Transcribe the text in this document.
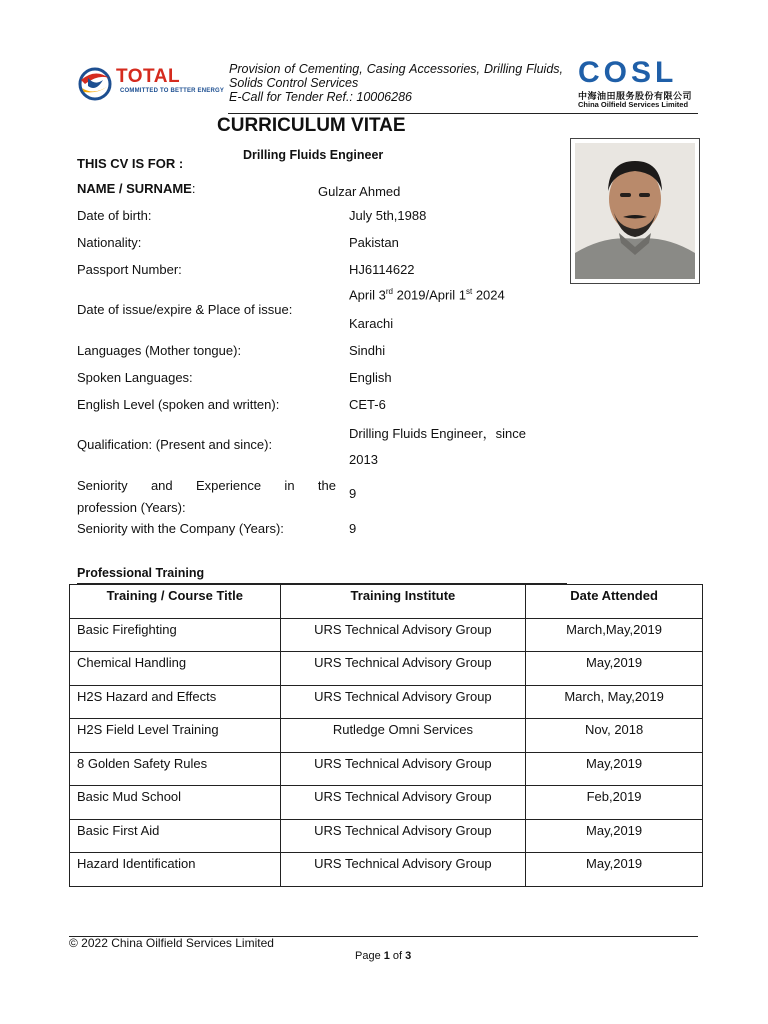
TOTAL
COMMITTED TO BETTER ENERGY
Provision of Cementing, Casing Accessories, Drilling Fluids, Solids Control Services
E-Call for Tender Ref.: 10006286
COSL
中海油田服务股份有限公司
China Oilfield Services Limited
CURRICULUM VITAE
Drilling Fluids Engineer
THIS CV IS FOR :
NAME / SURNAME:	Gulzar Ahmed
Date of birth:	July 5th,1988
Nationality:	Pakistan
Passport Number:	HJ6114622
Date of issue/expire & Place of issue:
April 3rd 2019/April 1st 2024
Karachi
Languages (Mother tongue):	Sindhi
Spoken Languages:	English
English Level (spoken and written):	CET-6
Qualification: (Present and since):
Drilling Fluids Engineer，since
2013
Seniority and Experience in the
profession (Years):
9
Seniority with the Company (Years):	9
Professional Training
Training / Course Title	Training Institute	Date Attended
Basic Firefighting	URS Technical Advisory Group	March,May,2019
Chemical Handling	URS Technical Advisory Group	May,2019
H2S Hazard and Effects	URS Technical Advisory Group	March, May,2019
H2S Field Level Training	Rutledge Omni Services	Nov, 2018
8 Golden Safety Rules	URS Technical Advisory Group	May,2019
Basic Mud School	URS Technical Advisory Group	Feb,2019
Basic First Aid	URS Technical Advisory Group	May,2019
Hazard Identification	URS Technical Advisory Group	May,2019
© 2022 China Oilfield Services Limited
Page 1 of 3
